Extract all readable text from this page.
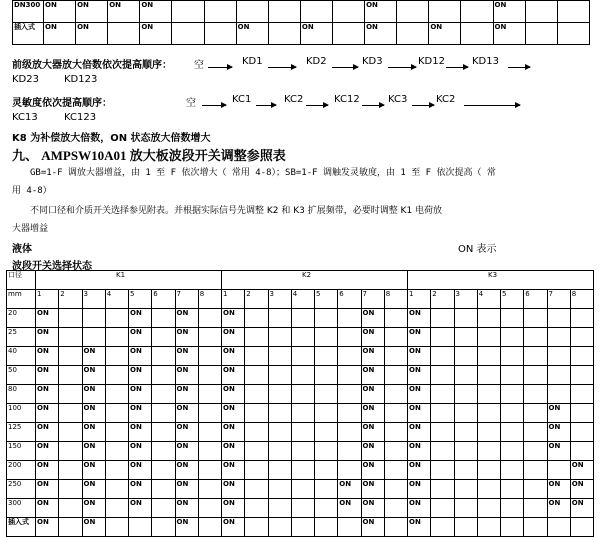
DN300	ON	ON	ON	ON							ON				ON		
插入式	ON	ON		ON			ON		ON		ON		ON		ON		
前级放大器放大倍数依次提高顺序： 空	KD1	KD2	KD3	KD12	KD13
KD23	KD123
灵敏度依次提高顺序：	空	KC1	KC2	KC12	KC3	KC2
KC13	KC123
K8 为补偿放大倍数，ON 状态放大倍数增大
九、 AMPSW10A01 放大板波段开关调整参照表
GB=1-F 调放大器增益，由 1 至 F 依次增大（ 常用 4-8）；SB=1-F 调触发灵敏度，由 1 至 F 依次提高（ 常
用 4-8）
不同口径和介质开关选择参见附表。并根据实际信号先调整 K2 和 K3 扩展频带，必要时调整 K1 电荷放
大器增益
液体	ON 表示
波段开关选择状态
口径	K1								K2								K3							
mm	1	2	3	4	5	6	7	8	1	2	3	4	5	6	7	8	1	2	3	4	5	6	7	8
20	ON				ON		ON		ON						ON		ON							
25	ON				ON		ON		ON						ON		ON							
40	ON		ON		ON		ON		ON						ON		ON							
50	ON		ON		ON		ON		ON						ON		ON							
80	ON		ON		ON		ON		ON						ON		ON							
100	ON		ON		ON		ON		ON						ON		ON						ON	
125	ON		ON		ON		ON		ON						ON		ON						ON	
150	ON		ON		ON		ON		ON						ON		ON						ON	
200	ON		ON		ON		ON		ON						ON		ON							ON
250	ON		ON		ON		ON		ON					ON	ON		ON						ON	ON
300	ON		ON		ON		ON		ON					ON	ON		ON						ON	ON
插入式	ON		ON				ON		ON						ON		ON							
